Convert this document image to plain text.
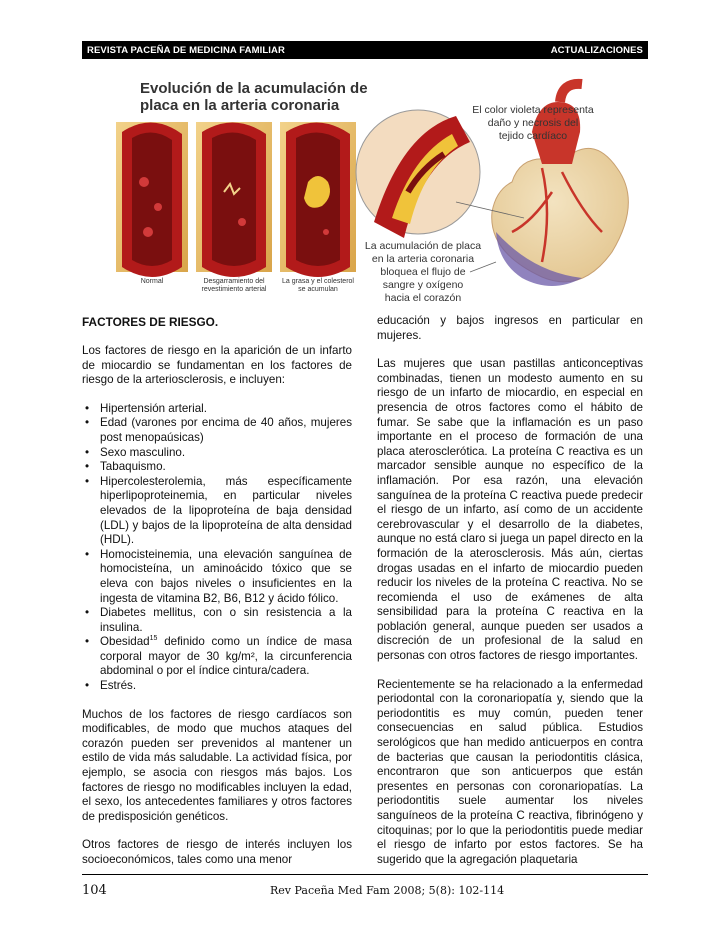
REVISTA PACEÑA DE MEDICINA FAMILIAR	ACTUALIZACIONES
Evolución de la acumulación de
placa en la arteria coronaria
Normal	Desgarramiento del
revestimiento arterial
La grasa y el colesterol
se acumulan
El color violeta representa
daño y necrosis del
tejido cardíaco
La acumulación de placa
en la arteria coronaria
bloquea el flujo de
sangre y oxígeno
hacia el corazón
FACTORES DE RIESGO.

Los factores de riesgo en la aparición de un infarto de miocardio se fundamentan en los factores de riesgo de la arteriosclerosis, e incluyen:

• Hipertensión arterial.
• Edad (varones por encima de 40 años, mujeres post menopaúsicas)
• Sexo masculino.
• Tabaquismo.
• Hipercolesterolemia, más específicamente hiperlipoproteinemia, en particular niveles elevados de la lipoproteína de baja densidad (LDL) y bajos de la lipoproteína de alta densidad (HDL).
• Homocisteinemia, una elevación sanguínea de homocisteína, un aminoácido tóxico que se eleva con bajos niveles o insuficientes en la ingesta de vitamina B2, B6, B12 y ácido fólico.
• Diabetes mellitus, con o sin resistencia a la insulina.
• Obesidad$^{15}$ definido como un índice de masa corporal mayor de 30 kg/m², la circunferencia abdominal o por el índice cintura/cadera.
• Estrés.

Muchos de los factores de riesgo cardíacos son modificables, de modo que muchos ataques del corazón pueden ser prevenidos al mantener un estilo de vida más saludable. La actividad física, por ejemplo, se asocia con riesgos más bajos. Los factores de riesgo no modificables incluyen la edad, el sexo, los antecedentes familiares y otros factores de predisposición genéticos.

Otros factores de riesgo de interés incluyen los socioeconómicos, tales como una menor

educación y bajos ingresos en particular en mujeres.

Las mujeres que usan pastillas anticonceptivas combinadas, tienen un modesto aumento en su riesgo de un infarto de miocardio, en especial en presencia de otros factores como el hábito de fumar. Se sabe que la inflamación es un paso importante en el proceso de formación de una placa aterosclerótica. La proteína C reactiva es un marcador sensible aunque no específico de la inflamación. Por esa razón, una elevación sanguínea de la proteína C reactiva puede predecir el riesgo de un infarto, así como de un accidente cerebrovascular y el desarrollo de la diabetes, aunque no está claro si juega un papel directo en la formación de la aterosclerosis. Más aún, ciertas drogas usadas en el infarto de miocardio pueden reducir los niveles de la proteína C reactiva. No se recomienda el uso de exámenes de alta sensibilidad para la proteína C reactiva en la población general, aunque pueden ser usados a discreción de un profesional de la salud en personas con otros factores de riesgo importantes.

Recientemente se ha relacionado a la enfermedad periodontal con la coronariopatía y, siendo que la periodontitis es muy común, pueden tener consecuencias en salud pública. Estudios serológicos que han medido anticuerpos en contra de bacterias que causan la periodontitis clásica, encontraron que son anticuerpos que están presentes en personas con coronariopatías. La periodontitis suele aumentar los niveles sanguíneos de la proteína C reactiva, fibrinógeno y citoquinas; por lo que la periodontitis puede mediar el riesgo de infarto por estos factores. Se ha sugerido que la agregación plaquetaria

104	Rev Paceña Med Fam 2008; 5(8): 102-114
